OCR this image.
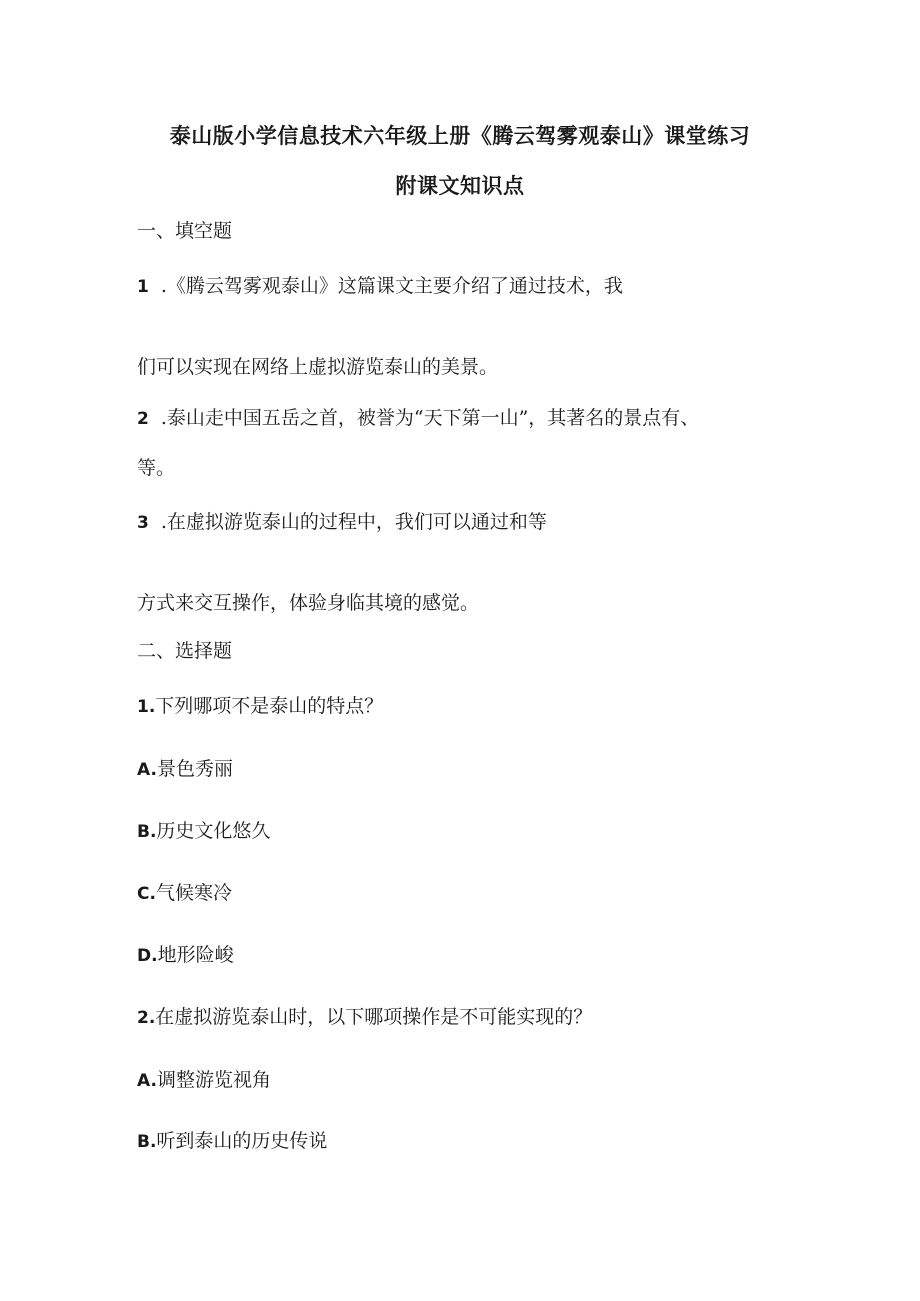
泰山版小学信息技术六年级上册《腾云驾雾观泰山》课堂练习
附课文知识点
一、填空题
1 .《腾云驾雾观泰山》这篇课文主要介绍了通过技术，我
们可以实现在网络上虚拟游览泰山的美景。
2 .泰山走中国五岳之首，被誉为“天下第一山”，其著名的景点有、
等。
3 .在虚拟游览泰山的过程中，我们可以通过和等
方式来交互操作，体验身临其境的感觉。
二、选择题
1.下列哪项不是泰山的特点？
A.景色秀丽
B.历史文化悠久
C.气候寒冷
D.地形险峻
2.在虚拟游览泰山时，以下哪项操作是不可能实现的？
A.调整游览视角
B.听到泰山的历史传说
